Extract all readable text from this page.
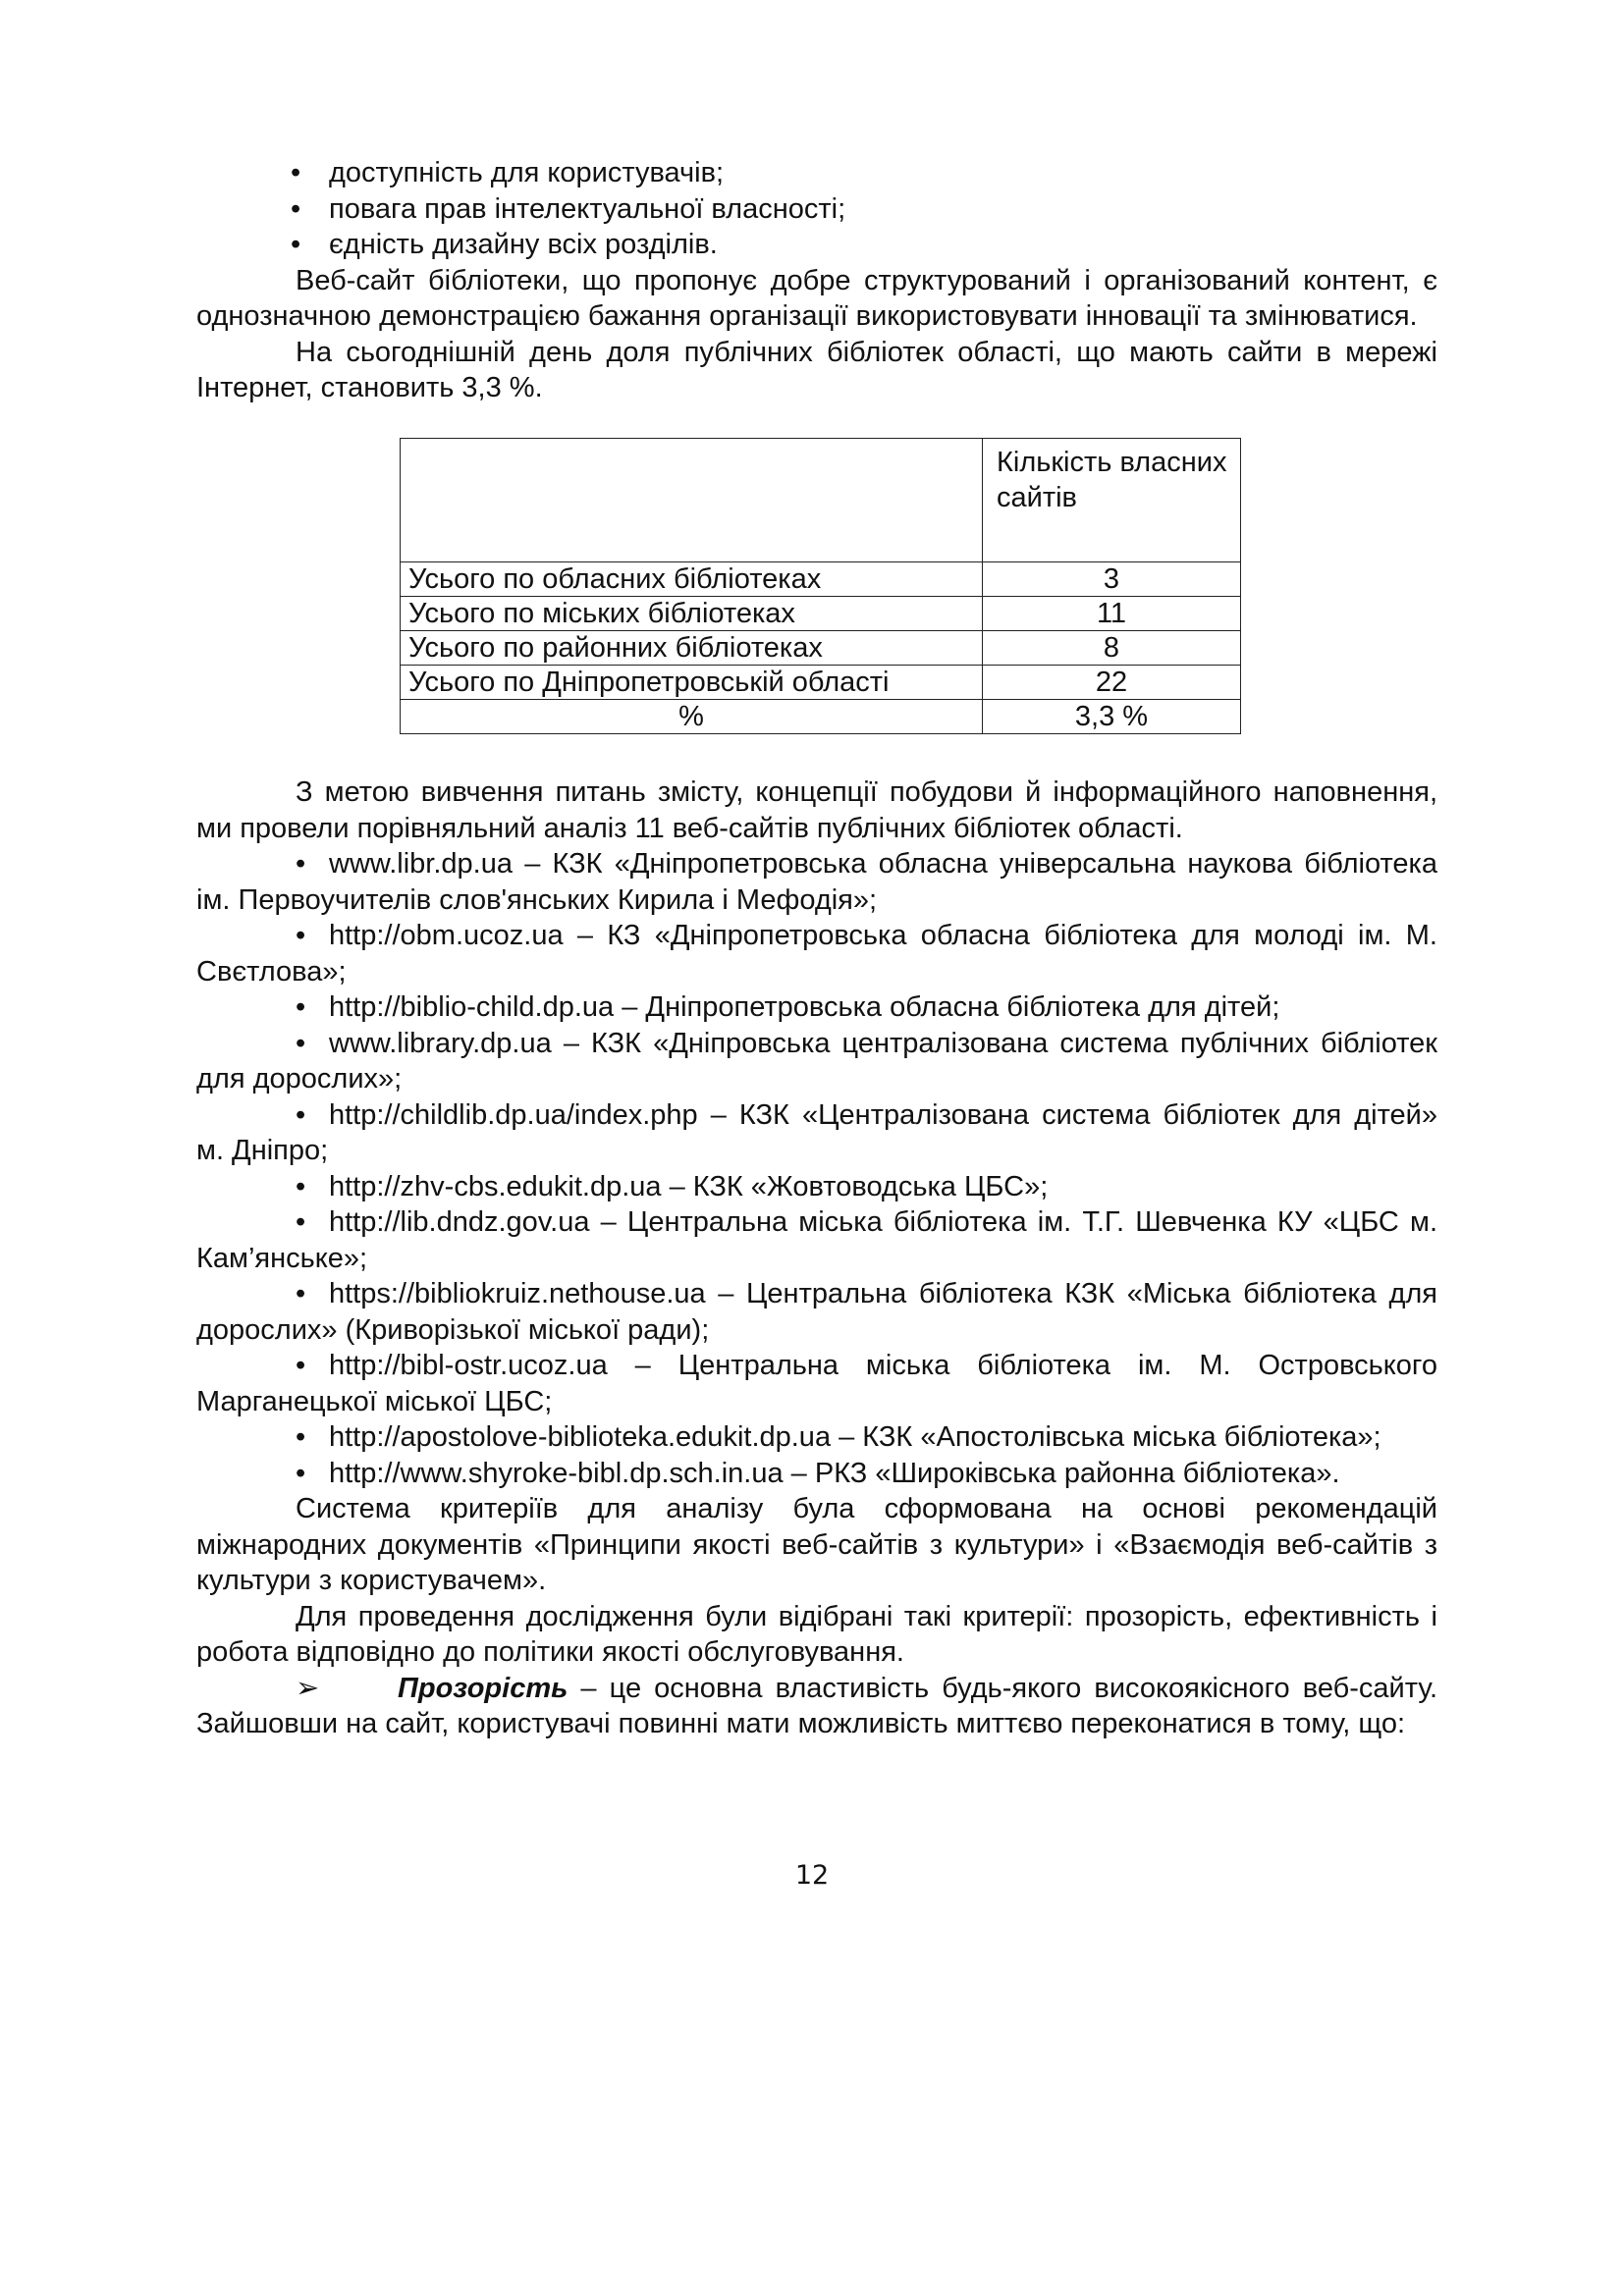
• доступність для користувачів;

• повага прав інтелектуальної власності;

• єдність дизайну всіх розділів.

Веб-сайт бібліотеки, що пропонує добре структурований і організований контент, є однозначною демонстрацією бажання організації використовувати інновації та змінюватися.

На сьогоднішній день доля публічних бібліотек області, що мають сайти в мережі Інтернет, становить 3,3 %.

	Кількість власних сайтів
Усього по обласних бібліотеках	3
Усього по міських бібліотеках	11
Усього по районних бібліотеках	8
Усього по Дніпропетровській області	22
%	3,3 %

З метою вивчення питань змісту, концепції побудови й інформаційного наповнення, ми провели порівняльний аналіз 11 веб-сайтів публічних бібліотек області.

• www.libr.dp.ua – КЗК «Дніпропетровська обласна універсальна наукова бібліотека ім. Первоучителів слов'янських Кирила і Мефодія»;

• http://obm.ucoz.ua – КЗ «Дніпропетровська обласна бібліотека для молоді ім. М. Свєтлова»;

• http://biblio-child.dp.ua – Дніпропетровська обласна бібліотека для дітей;

• www.library.dp.ua – КЗК «Дніпровська централізована система публічних бібліотек для дорослих»;

• http://childlib.dp.ua/index.php – КЗК «Централізована система бібліотек для дітей» м. Дніпро;

• http://zhv-cbs.edukit.dp.ua – КЗК «Жовтоводська ЦБС»;

• http://lib.dndz.gov.ua – Центральна міська бібліотека ім. Т.Г. Шевченка КУ «ЦБС м. Кам’янське»;

• https://bibliokruiz.nethouse.ua – Центральна бібліотека КЗК «Міська бібліотека для дорослих» (Криворізької міської ради);

• http://bibl-ostr.ucoz.ua – Центральна міська бібліотека ім. М. Островського Марганецької міської ЦБС;

• http://apostolove-biblioteka.edukit.dp.ua – КЗК «Апостолівська міська бібліотека»;

• http://www.shyroke-bibl.dp.sch.in.ua – РКЗ «Широківська районна бібліотека».

Система критеріїв для аналізу була сформована на основі рекомендацій міжнародних документів «Принципи якості веб-сайтів з культури» і «Взаємодія веб-сайтів з культури з користувачем».

Для проведення дослідження були відібрані такі критерії: прозорість, ефективність і робота відповідно до політики якості обслуговування.

➢	Прозорість – це основна властивість будь-якого високоякісного веб-сайту. Зайшовши на сайт, користувачі повинні мати можливість миттєво переконатися в тому, що:

12
